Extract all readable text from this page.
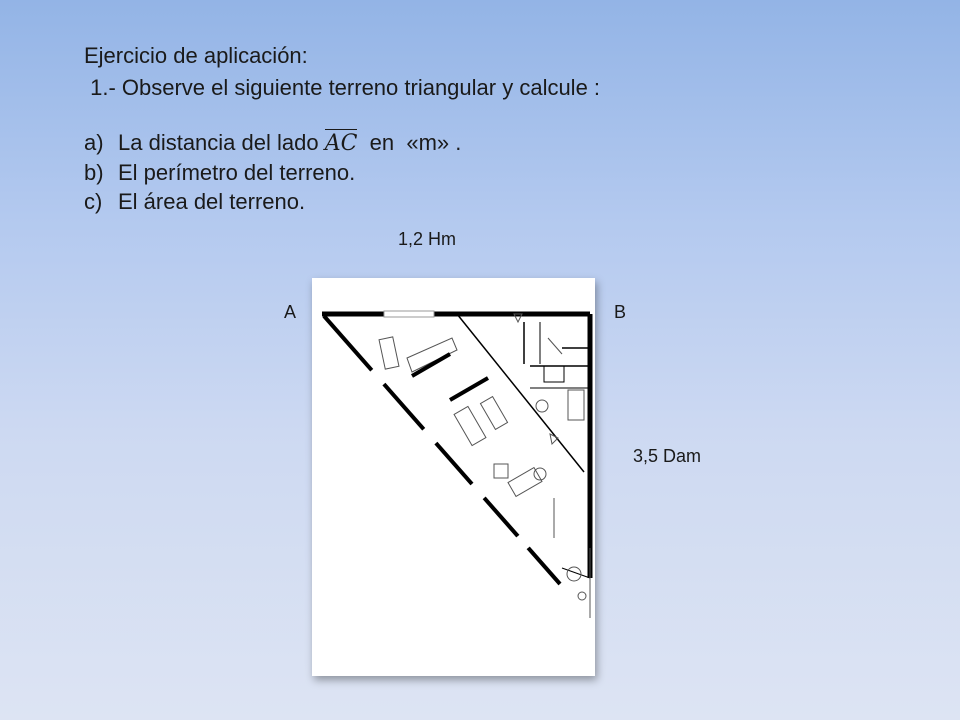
Ejercicio de aplicación:
1.- Observe el siguiente terreno triangular y calcule :
a) La distancia del lado AC  en  «m» .
b) El perímetro del terreno.
c) El área del terreno.
1,2 Hm
3,5 Dam
A	B
